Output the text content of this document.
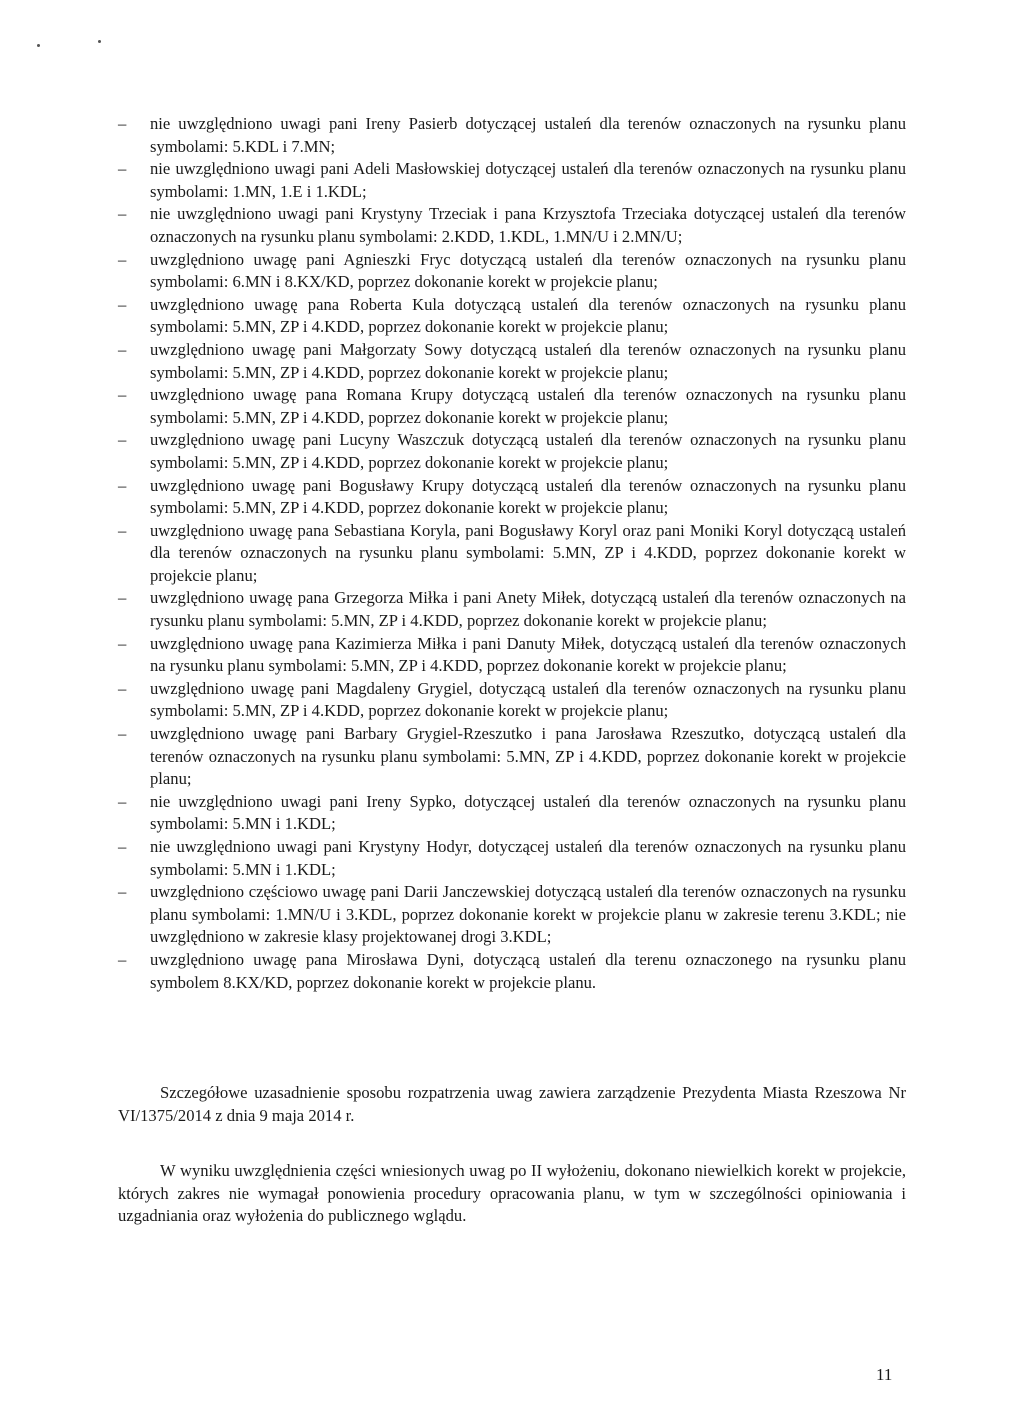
– nie uwzględniono uwagi pani Ireny Pasierb dotyczącej ustaleń dla terenów oznaczonych na rysunku planu symbolami: 5.KDL i 7.MN;
– nie uwzględniono uwagi pani Adeli Masłowskiej dotyczącej ustaleń dla terenów oznaczonych na rysunku planu symbolami: 1.MN, 1.E i 1.KDL;
– nie uwzględniono uwagi pani Krystyny Trzeciak i pana Krzysztofa Trzeciaka dotyczącej ustaleń dla terenów oznaczonych na rysunku planu symbolami: 2.KDD, 1.KDL, 1.MN/U i 2.MN/U;
– uwzględniono uwagę pani Agnieszki Fryc dotyczącą ustaleń dla terenów oznaczonych na rysunku planu symbolami: 6.MN i 8.KX/KD, poprzez dokonanie korekt w projekcie planu;
– uwzględniono uwagę pana Roberta Kula dotyczącą ustaleń dla terenów oznaczonych na rysunku planu symbolami: 5.MN, ZP i 4.KDD, poprzez dokonanie korekt w projekcie planu;
– uwzględniono uwagę pani Małgorzaty Sowy dotyczącą ustaleń dla terenów oznaczonych na rysunku planu symbolami: 5.MN, ZP i 4.KDD, poprzez dokonanie korekt w projekcie planu;
– uwzględniono uwagę pana Romana Krupy dotyczącą ustaleń dla terenów oznaczonych na rysunku planu symbolami: 5.MN, ZP i 4.KDD, poprzez dokonanie korekt w projekcie planu;
– uwzględniono uwagę pani Lucyny Waszczuk dotyczącą ustaleń dla terenów oznaczonych na rysunku planu symbolami: 5.MN, ZP i 4.KDD, poprzez dokonanie korekt w projekcie planu;
– uwzględniono uwagę pani Bogusławy Krupy dotyczącą ustaleń dla terenów oznaczonych na rysunku planu symbolami: 5.MN, ZP i 4.KDD, poprzez dokonanie korekt w projekcie planu;
– uwzględniono uwagę pana Sebastiana Koryla, pani Bogusławy Koryl oraz pani Moniki Koryl dotyczącą ustaleń dla terenów oznaczonych na rysunku planu symbolami: 5.MN, ZP i 4.KDD, poprzez dokonanie korekt w projekcie planu;
– uwzględniono uwagę pana Grzegorza Miłka i pani Anety Miłek, dotyczącą ustaleń dla terenów oznaczonych na rysunku planu symbolami: 5.MN, ZP i 4.KDD, poprzez dokonanie korekt w projekcie planu;
– uwzględniono uwagę pana Kazimierza Miłka i pani Danuty Miłek, dotyczącą ustaleń dla terenów oznaczonych na rysunku planu symbolami: 5.MN, ZP i 4.KDD, poprzez dokonanie korekt w projekcie planu;
– uwzględniono uwagę pani Magdaleny Grygiel, dotyczącą ustaleń dla terenów oznaczonych na rysunku planu symbolami: 5.MN, ZP i 4.KDD, poprzez dokonanie korekt w projekcie planu;
– uwzględniono uwagę pani Barbary Grygiel-Rzeszutko i pana Jarosława Rzeszutko, dotyczącą ustaleń dla terenów oznaczonych na rysunku planu symbolami: 5.MN, ZP i 4.KDD, poprzez dokonanie korekt w projekcie planu;
– nie uwzględniono uwagi pani Ireny Sypko, dotyczącej ustaleń dla terenów oznaczonych na rysunku planu symbolami: 5.MN i 1.KDL;
– nie uwzględniono uwagi pani Krystyny Hodyr, dotyczącej ustaleń dla terenów oznaczonych na rysunku planu symbolami: 5.MN i 1.KDL;
– uwzględniono częściowo uwagę pani Darii Janczewskiej dotyczącą ustaleń dla terenów oznaczonych na rysunku planu symbolami: 1.MN/U i 3.KDL, poprzez dokonanie korekt w projekcie planu w zakresie terenu 3.KDL; nie uwzględniono w zakresie klasy projektowanej drogi 3.KDL;
– uwzględniono uwagę pana Mirosława Dyni, dotyczącą ustaleń dla terenu oznaczonego na rysunku planu symbolem 8.KX/KD, poprzez dokonanie korekt w projekcie planu.

Szczegółowe uzasadnienie sposobu rozpatrzenia uwag zawiera zarządzenie Prezydenta Miasta Rzeszowa Nr VI/1375/2014 z dnia 9 maja 2014 r.

W wyniku uwzględnienia części wniesionych uwag po II wyłożeniu, dokonano niewielkich korekt w projekcie, których zakres nie wymagał ponowienia procedury opracowania planu, w tym w szczególności opiniowania i uzgadniania oraz wyłożenia do publicznego wglądu.

11
